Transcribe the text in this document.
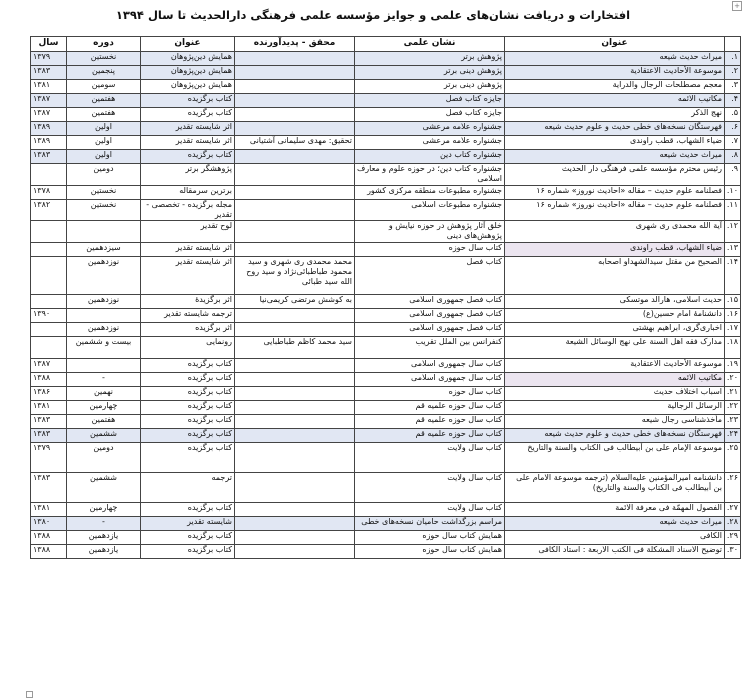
+
افتخارات و دریافت نشان‌های علمی و جوایز مؤسسه علمی فرهنگی دارالحدیث تا سال ۱۳۹۴
	عنوان	نشان علمی	محقق - پدیدآورنده	عنوان	دوره	سال
۱.	میراث حدیث شیعه	پژوهش برتر		همایش دین‌پژوهان	نخستین	۱۳۷۹
۲.	موسوعة الأحادیث الاعتقادیة	پژوهش دینی برتر		همایش دین‌پژوهان	پنجمین	۱۳۸۳
۳.	معجم مصطلحات الرجال والدرایة	پژوهش دینی برتر		همایش دین‌پژوهان	سومین	۱۳۸۱
۴.	مکاتیب الائمه	جایزه کتاب فصل		کتاب برگزیده	هفتمین	۱۳۸۷
۵.	نهج الذکر	جایزه کتاب فصل		کتاب برگزیده	هفتمین	۱۳۸۷
۶.	فهرستگان نسخه‌های خطی حدیث و علوم حدیث شیعه	جشنواره علامه مرعشی		اثر شایسته تقدیر	اولین	۱۳۸۹
۷.	ضیاء الشهاب، قطب راوندی	جشنواره علامه مرعشی	تحقیق: مهدی سلیمانی آشتیانی	اثر شایسته تقدیر	اولین	۱۳۸۹
۸.	میراث حدیث شیعه	جشنواره کتاب دین		کتاب برگزیده	اولین	۱۳۸۳
۹.	رئیس محترم مؤسسه علمی فرهنگی دار الحدیث	جشنواره کتاب دین؛ در حوزه علوم و معارف اسلامی		پژوهشگر برتر	دومین	
۱۰.	فصلنامه علوم حدیث – مقاله «احادیث نوروز» شماره ۱۶	جشنواره مطبوعات منطقه مرکزی کشور		برترین سرمقاله	نخستین	۱۳۷۸
۱۱.	فصلنامه علوم حدیث – مقاله «احادیث نوروز» شماره ۱۶	جشنواره مطبوعات اسلامی		مجله برگزیده - تخصصی - تقدیر	نخستین	۱۳۸۲
۱۲.	آیة الله محمدی ری شهری	خلق آثار پژوهش در حوزه نیایش و پژوهش‌های دینی		لوح تقدیر		
۱۳.	ضیاء الشهاب، قطب راوندی	کتاب سال حوزه		اثر شایسته تقدیر	سیزدهمین	
۱۴.	الصحیح من مقتل سیدالشهدا‌و اصحابه	کتاب فصل	محمد محمدی ری شهری و سید محمود طباطبائی‌نژاد و سید روح الله سید طبائی	اثر شایسته تقدیر	نوزدهمین	
۱۵.	حدیث اسلامی، هارالد موتسکی	کتاب فصل جمهوری اسلامی	به کوشش مرتضی کریمی‌نیا	اثر برگزیدهٔ	نوزدهمین	
۱۶.	دانشنامهٔ امام حسین(ع)	کتاب فصل جمهوری اسلامی		ترجمه شایسته تقدیر		۱۳۹۰
۱۷.	اخباری‌گری، ابراهیم بهشتی	کتاب فصل جمهوری اسلامی		اثر برگزیده	نوزدهمین	
۱۸.	مدارک فقه اهل السنة علی نهج الوسائل الشیعة	کنفرانس بین الملل تقریب	سید محمد کاظم طباطبایی	رونمایی	بیست و ششمین	
۱۹.	موسوعة الأحادیث الاعتقادیة	کتاب سال جمهوری اسلامی		کتاب برگزیده		۱۳۸۷
۲۰.	مکاتیب الائمه	کتاب سال جمهوری اسلامی		کتاب برگزیده	-	۱۳۸۸
۲۱.	اسباب اختلاف حدیث	کتاب سال حوزه		کتاب برگزیده	نهمین	۱۳۸۶
۲۲.	الرسائل الرجالیة	کتاب سال حوزه علمیه قم		کتاب برگزیده	چهارمین	۱۳۸۱
۲۳.	مأخذشناسی رجال شیعه	کتاب سال حوزه علمیه قم		کتاب برگزیده	هفتمین	۱۳۸۳
۲۴.	فهرستگان نسخه‌های خطی حدیث و علوم حدیث شیعه	کتاب سال حوزه علمیه قم		کتاب برگزیده	ششمین	۱۳۸۳
۲۵.	موسوعة الإمام علی بن أبیطالب فی الکتاب والسنة والتاریخ	کتاب سال ولایت		کتاب برگزیده	دومین	۱۳۷۹
۲۶.	دانشنامه امیرالمؤمنین علیه‌السلام (ترجمه موسوعة الامام علی بن أبیطالب فی الکتاب والسنة والتاریخ)	کتاب سال ولایت		ترجمه	ششمین	۱۳۸۳
۲۷.	الفصول المهمّة فی معرفة الائمة	کتاب سال ولایت		کتاب برگزیده	چهارمین	۱۳۸۱
۲۸.	میراث حدیث شیعه	مراسم بزرگداشت حامیان نسخه‌های خطی		شایسته تقدیر	-	۱۳۸۰
۲۹.	الکافی	همایش کتاب سال حوزه		کتاب برگزیده	یازدهمین	۱۳۸۸
۳۰.	توضیح الاسناد المشکلة فی الکتب الاربعة : استاد الکافی	همایش کتاب سال حوزه		کتاب برگزیده	یازدهمین	۱۳۸۸
